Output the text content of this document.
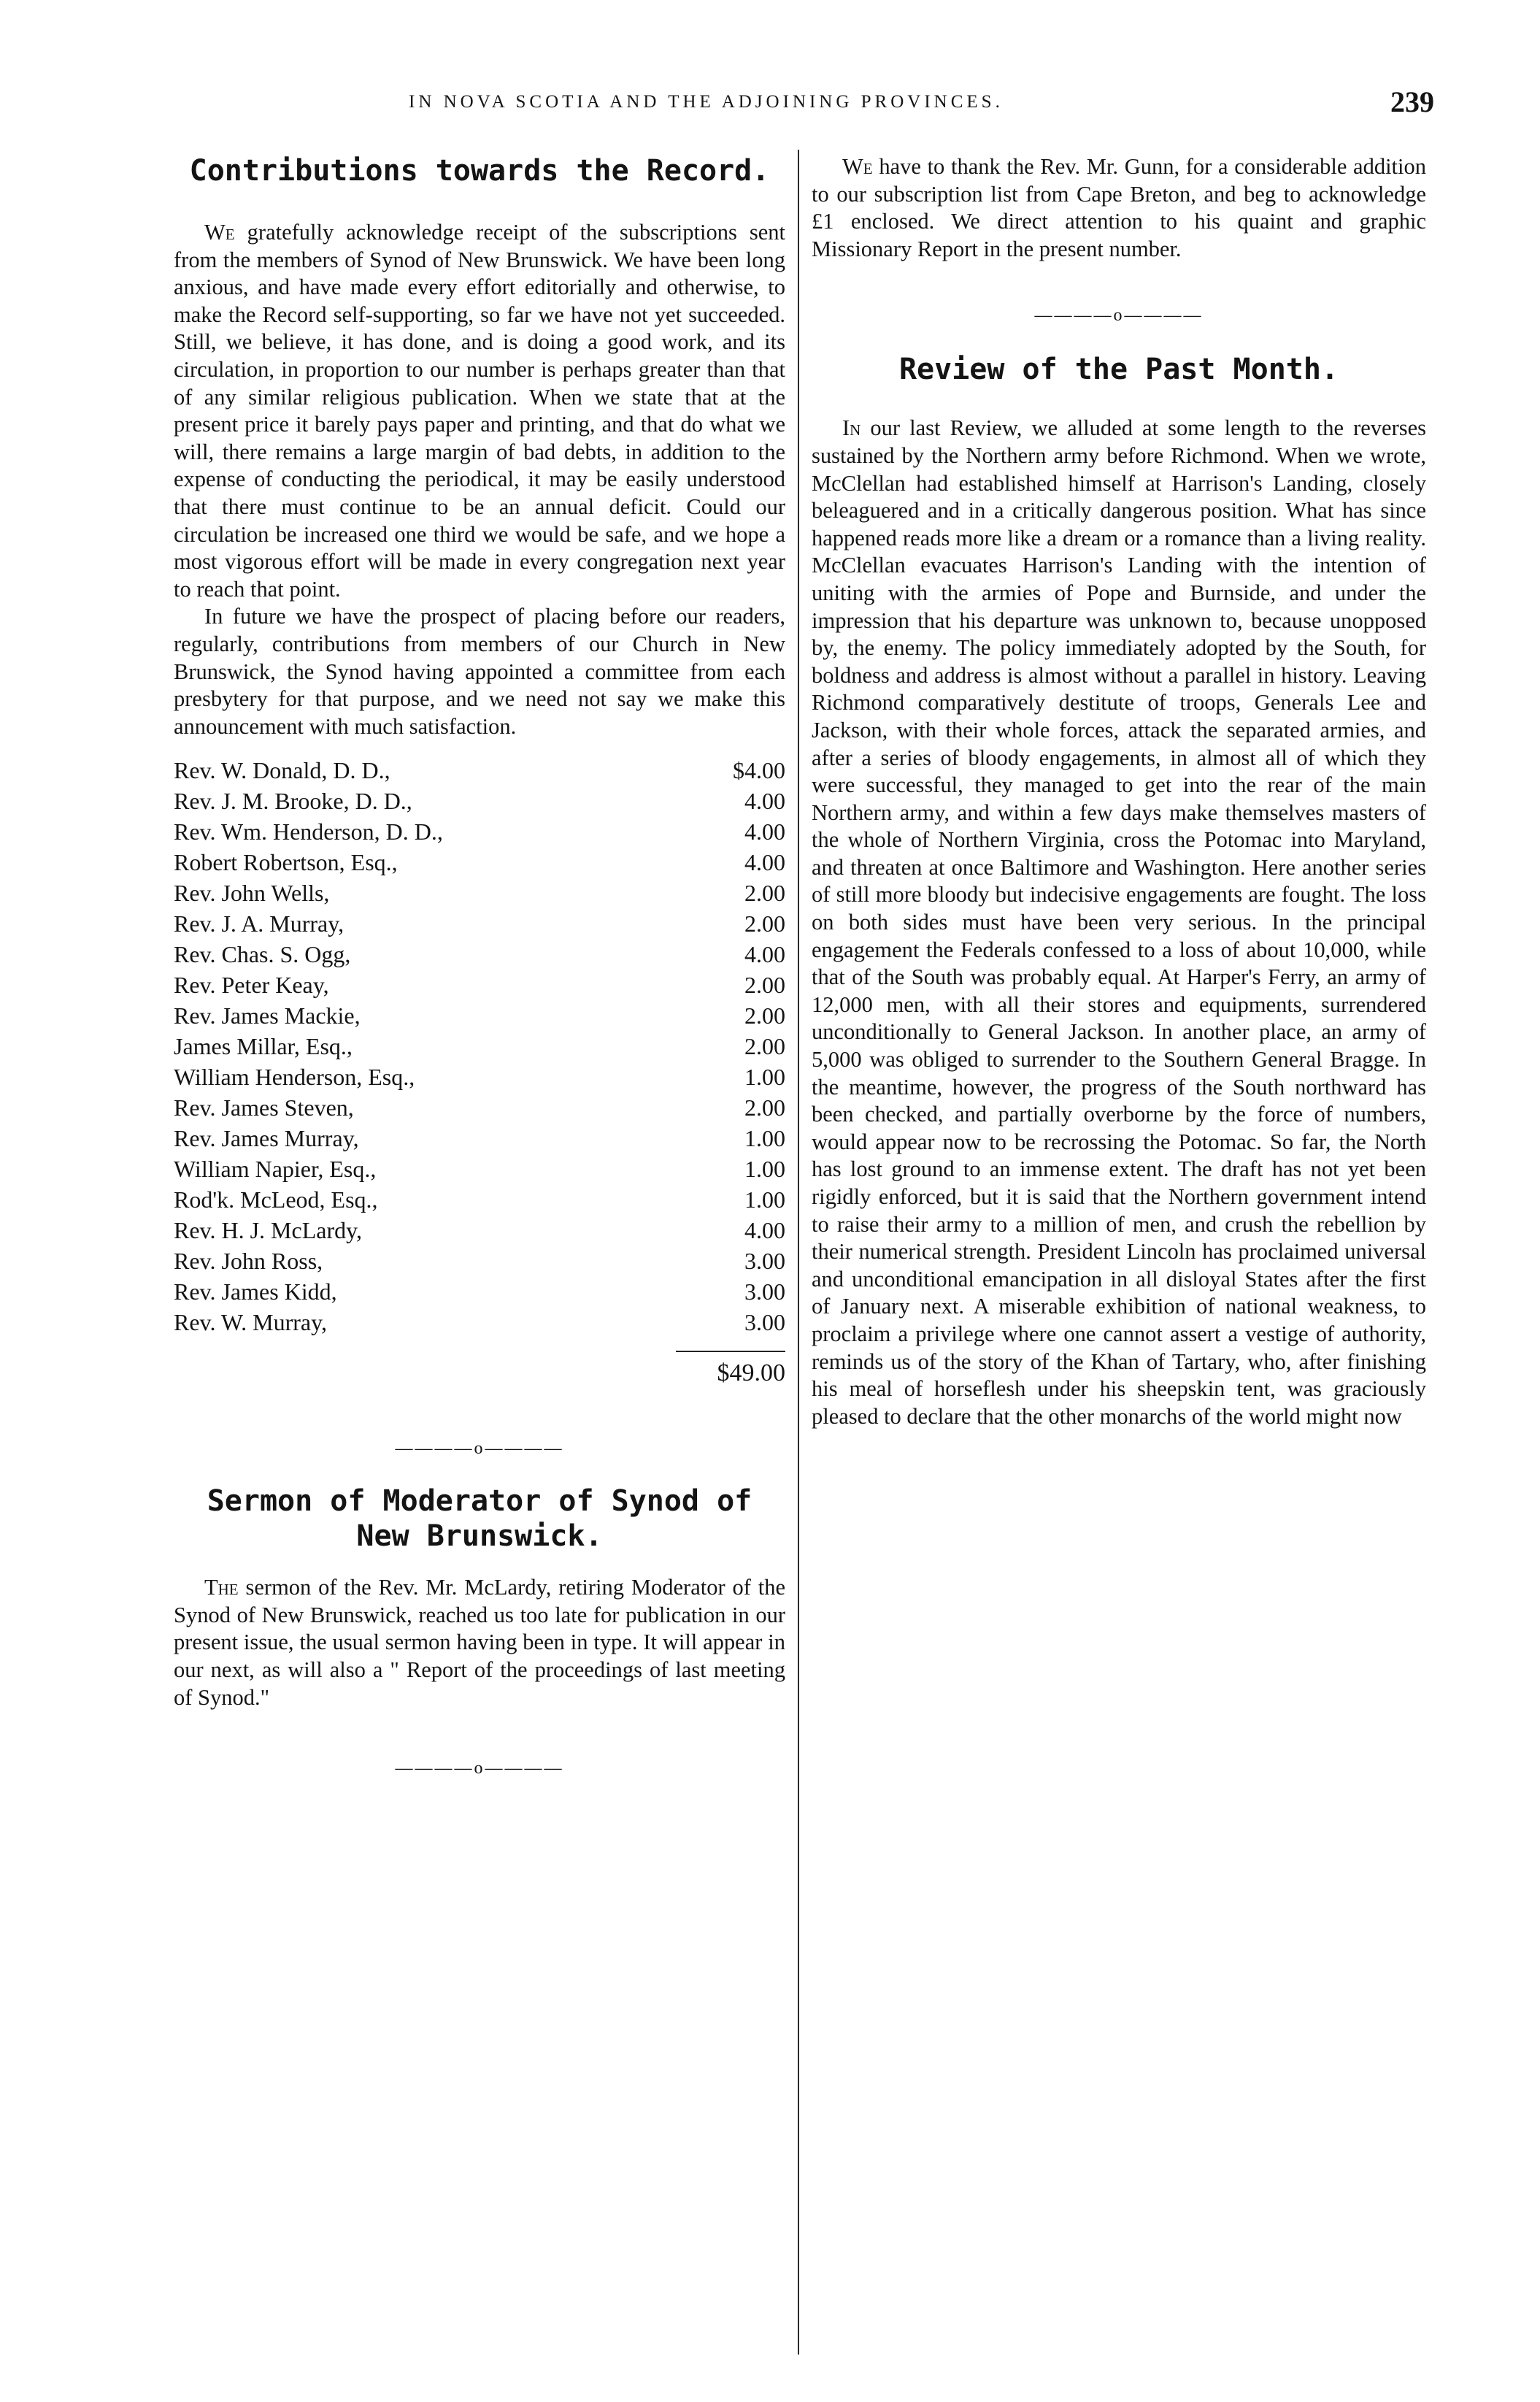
IN NOVA SCOTIA AND THE ADJOINING PROVINCES.	239
Contributions towards the Record.

We gratefully acknowledge receipt of the subscriptions sent from the members of Synod of New Brunswick. We have been long anxious, and have made every effort editorially and otherwise, to make the Record self-supporting, so far we have not yet succeeded. Still, we believe, it has done, and is doing a good work, and its circulation, in proportion to our number is perhaps greater than that of any similar religious publication. When we state that at the present price it barely pays paper and printing, and that do what we will, there remains a large margin of bad debts, in addition to the expense of conducting the periodical, it may be easily understood that there must continue to be an annual deficit. Could our circulation be increased one third we would be safe, and we hope a most vigorous effort will be made in every congregation next year to reach that point.

In future we have the prospect of placing before our readers, regularly, contributions from members of our Church in New Brunswick, the Synod having appointed a committee from each presbytery for that purpose, and we need not say we make this announcement with much satisfaction.

Rev. W. Donald, D. D.,	$4.00
Rev. J. M. Brooke, D. D.,	4.00
Rev. Wm. Henderson, D. D.,	4.00
Robert Robertson, Esq.,	4.00
Rev. John Wells,	2.00
Rev. J. A. Murray,	2.00
Rev. Chas. S. Ogg,	4.00
Rev. Peter Keay,	2.00
Rev. James Mackie,	2.00
James Millar, Esq.,	2.00
William Henderson, Esq.,	1.00
Rev. James Steven,	2.00
Rev. James Murray,	1.00
William Napier, Esq.,	1.00
Rod'k. McLeod, Esq.,	1.00
Rev. H. J. McLardy,	4.00
Rev. John Ross,	3.00
Rev. James Kidd,	3.00
Rev. W. Murray,	3.00
$49.00
————o————
Sermon of Moderator of Synod of
New Brunswick.

The sermon of the Rev. Mr. McLardy, retiring Moderator of the Synod of New Brunswick, reached us too late for publication in our present issue, the usual sermon having been in type. It will appear in our next, as will also a " Report of the proceedings of last meeting of Synod."

————o————

We have to thank the Rev. Mr. Gunn, for a considerable addition to our subscription list from Cape Breton, and beg to acknowledge £1 enclosed. We direct attention to his quaint and graphic Missionary Report in the present number.

————o————
Review of the Past Month.

In our last Review, we alluded at some length to the reverses sustained by the Northern army before Richmond. When we wrote, McClellan had established himself at Harrison's Landing, closely beleaguered and in a critically dangerous position. What has since happened reads more like a dream or a romance than a living reality. McClellan evacuates Harrison's Landing with the intention of uniting with the armies of Pope and Burnside, and under the impression that his departure was unknown to, because unopposed by, the enemy. The policy immediately adopted by the South, for boldness and address is almost without a parallel in history. Leaving Richmond comparatively destitute of troops, Generals Lee and Jackson, with their whole forces, attack the separated armies, and after a series of bloody engagements, in almost all of which they were successful, they managed to get into the rear of the main Northern army, and within a few days make themselves masters of the whole of Northern Virginia, cross the Potomac into Maryland, and threaten at once Baltimore and Washington. Here another series of still more bloody but indecisive engagements are fought. The loss on both sides must have been very serious. In the principal engagement the Federals confessed to a loss of about 10,000, while that of the South was probably equal. At Harper's Ferry, an army of 12,000 men, with all their stores and equipments, surrendered unconditionally to General Jackson. In another place, an army of 5,000 was obliged to surrender to the Southern General Bragge. In the meantime, however, the progress of the South northward has been checked, and partially overborne by the force of numbers, would appear now to be recrossing the Potomac. So far, the North has lost ground to an immense extent. The draft has not yet been rigidly enforced, but it is said that the Northern government intend to raise their army to a million of men, and crush the rebellion by their numerical strength. President Lincoln has proclaimed universal and unconditional emancipation in all disloyal States after the first of January next. A miserable exhibition of national weakness, to proclaim a privilege where one cannot assert a vestige of authority, reminds us of the story of the Khan of Tartary, who, after finishing his meal of horseflesh under his sheepskin tent, was graciously pleased to declare that the other monarchs of the world might now
